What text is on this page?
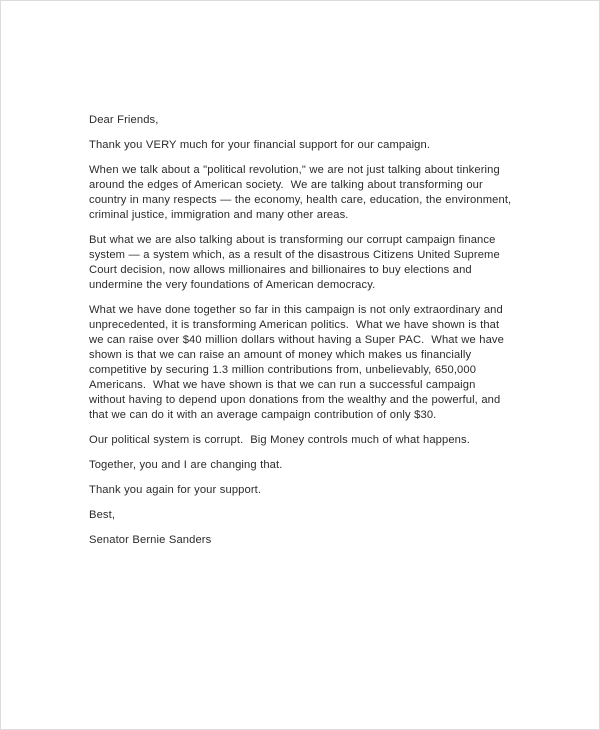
Dear Friends,

Thank you VERY much for your financial support for our campaign.

When we talk about a "political revolution," we are not just talking about tinkering around the edges of American society.  We are talking about transforming our country in many respects — the economy, health care, education, the environment, criminal justice, immigration and many other areas.

But what we are also talking about is transforming our corrupt campaign finance system — a system which, as a result of the disastrous Citizens United Supreme Court decision, now allows millionaires and billionaires to buy elections and undermine the very foundations of American democracy.

What we have done together so far in this campaign is not only extraordinary and unprecedented, it is transforming American politics.  What we have shown is that we can raise over $40 million dollars without having a Super PAC.  What we have shown is that we can raise an amount of money which makes us financially competitive by securing 1.3 million contributions from, unbelievably, 650,000 Americans.  What we have shown is that we can run a successful campaign without having to depend upon donations from the wealthy and the powerful, and that we can do it with an average campaign contribution of only $30.

Our political system is corrupt.  Big Money controls much of what happens.

Together, you and I are changing that.

Thank you again for your support.

Best,

Senator Bernie Sanders
